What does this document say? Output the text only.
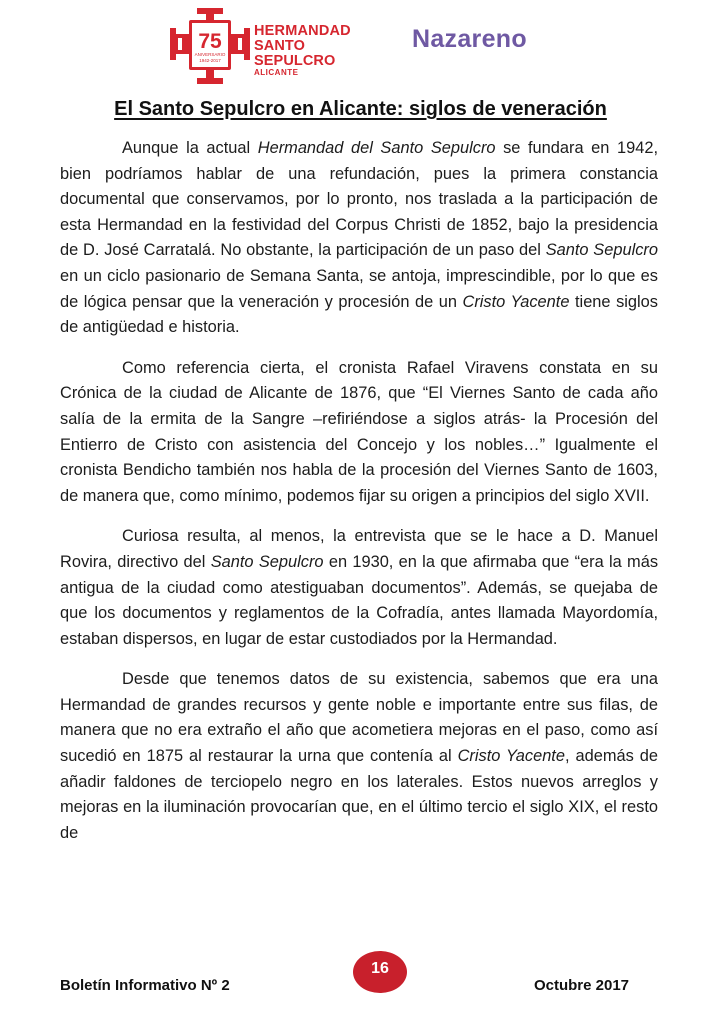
75
ANIVERSARIO
1942-2017
HERMANDAD
SANTO SEPULCRO
ALICANTE
Nazareno
El Santo Sepulcro en Alicante: siglos de veneración

Aunque la actual Hermandad del Santo Sepulcro se fundara en 1942, bien podríamos hablar de una refundación, pues la primera constancia documental que conservamos, por lo pronto, nos traslada a la participación de esta Hermandad en la festividad del Corpus Christi de 1852, bajo la presidencia de D. José Carratalá. No obstante, la participación de un paso del Santo Sepulcro en un ciclo pasionario de Semana Santa, se antoja, imprescindible, por lo que es de lógica pensar que la veneración y procesión de un Cristo Yacente tiene siglos de antigüedad e historia.

Como referencia cierta, el cronista Rafael Viravens constata en su Crónica de la ciudad de Alicante de 1876, que “El Viernes Santo de cada año salía de la ermita de la Sangre –refiriéndose a siglos atrás- la Procesión del Entierro de Cristo con asistencia del Concejo y los nobles…” Igualmente el cronista Bendicho también nos habla de la procesión del Viernes Santo de 1603, de manera que, como mínimo, podemos fijar su origen a principios del siglo XVII.

Curiosa resulta, al menos, la entrevista que se le hace a D. Manuel Rovira, directivo del Santo Sepulcro en 1930, en la que afirmaba que “era la más antigua de la ciudad como atestiguaban documentos”. Además, se quejaba de que los documentos y reglamentos de la Cofradía, antes llamada Mayordomía, estaban dispersos, en lugar de estar custodiados por la Hermandad.

Desde que tenemos datos de su existencia, sabemos que era una Hermandad de grandes recursos y gente noble e importante entre sus filas, de manera que no era extraño el año que acometiera mejoras en el paso, como así sucedió en 1875 al restaurar la urna que contenía al Cristo Yacente, además de añadir faldones de terciopelo negro en los laterales. Estos nuevos arreglos y mejoras en la iluminación provocarían que, en el último tercio el siglo XIX, el resto de

Boletín Informativo Nº 2
16
Octubre 2017
